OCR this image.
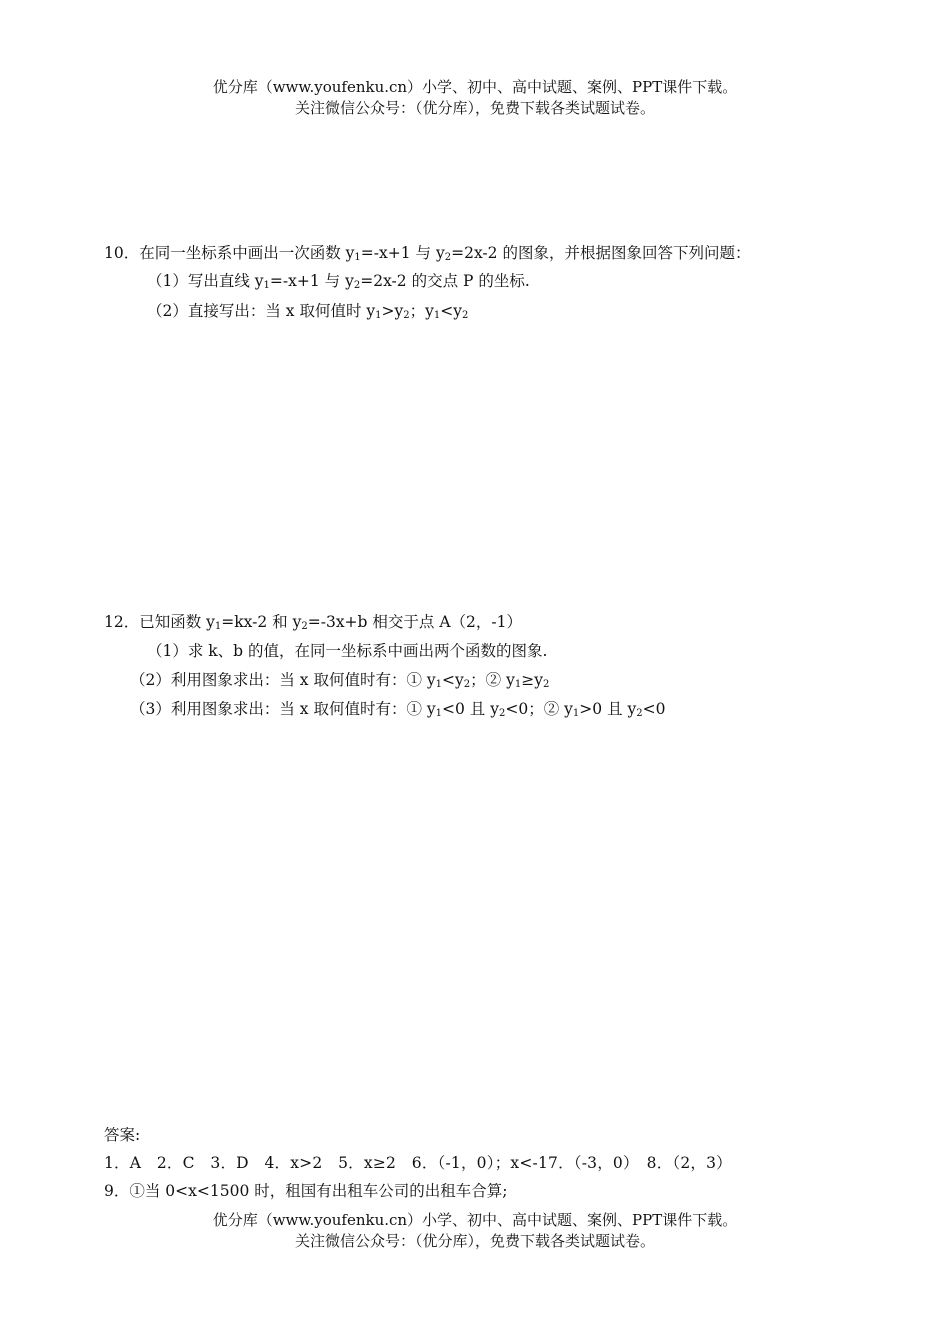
优分库（www.youfenku.cn）小学、初中、高中试题、案例、PPT课件下载。
关注微信公众号：（优分库），免费下载各类试题试卷。
10．在同一坐标系中画出一次函数 $y_1=-x+1$ 与 $y_2=2x-2$ 的图象，并根据图象回答下列问题：
（1）写出直线 $y_1=-x+1$ 与 $y_2=2x-2$ 的交点 P 的坐标.
（2）直接写出：当 x 取何值时 $y_1>y_2$；$y_1<y_2$
12．已知函数 $y_1=kx-2$ 和 $y_2=-3x+b$ 相交于点 A（2，-1）
（1）求 k、b 的值，在同一坐标系中画出两个函数的图象.
（2）利用图象求出：当 x 取何值时有：① $y_1<y_2$；② $y_1\ge y_2$
（3）利用图象求出：当 x 取何值时有：① $y_1<0$ 且 $y_2<0$；② $y_1>0$ 且 $y_2<0$
答案:
1．A　2．C　3．D　4．x>2　5．x≥2　6．（-1，0）；x<-17．（-3，0）　8．（2，3）
9．①当 0<x<1500 时，租国有出租车公司的出租车合算;
优分库（www.youfenku.cn）小学、初中、高中试题、案例、PPT课件下载。
关注微信公众号：（优分库），免费下载各类试题试卷。
